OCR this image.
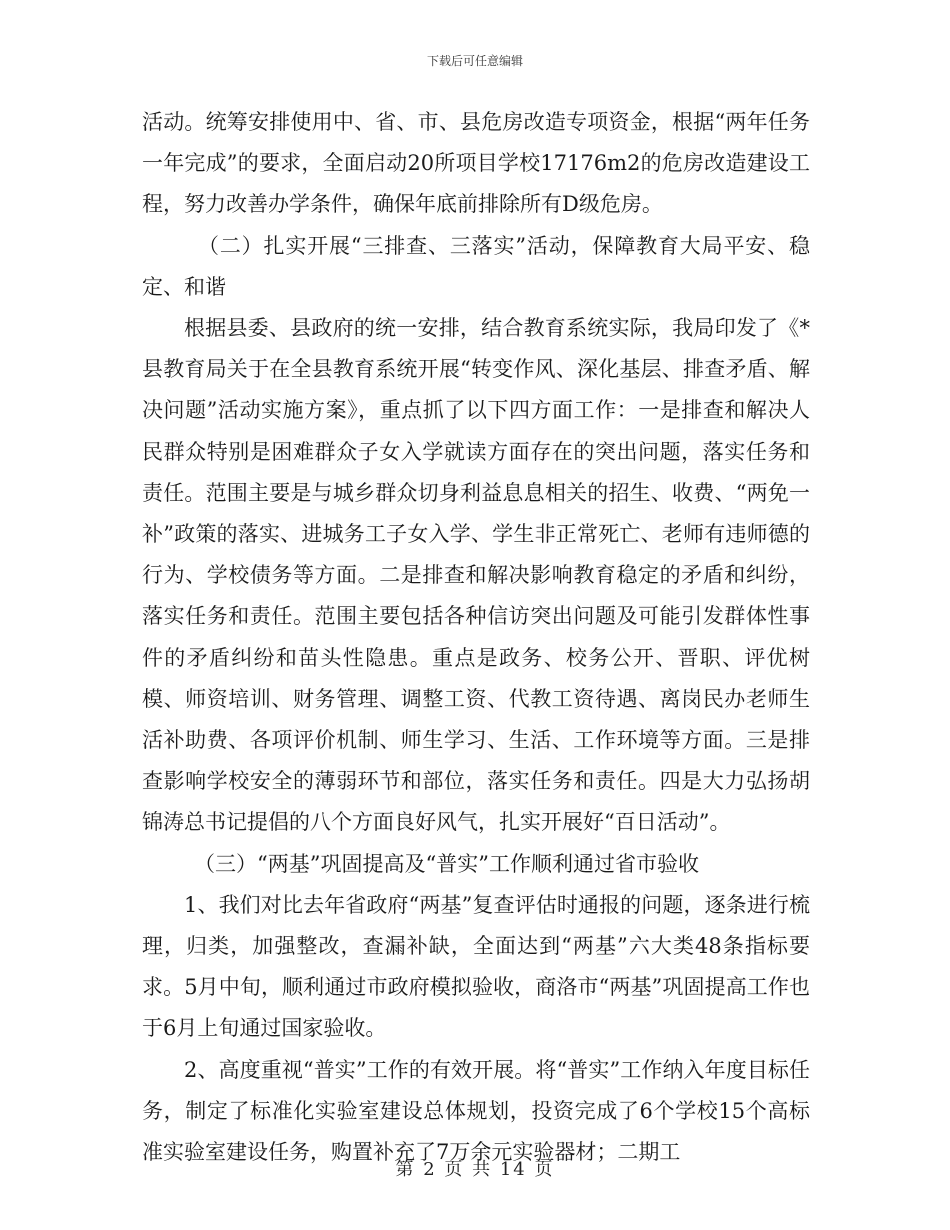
下载后可任意编辑

活动。统筹安排使用中、省、市、县危房改造专项资金，根据“两年任务一年完成”的要求，全面启动20所项目学校17176m2的危房改造建设工程，努力改善办学条件，确保年底前排除所有D级危房。

（二）扎实开展“三排查、三落实”活动，保障教育大局平安、稳定、和谐

根据县委、县政府的统一安排，结合教育系统实际，我局印发了《*县教育局关于在全县教育系统开展“转变作风、深化基层、排查矛盾、解决问题”活动实施方案》，重点抓了以下四方面工作：一是排查和解决人民群众特别是困难群众子女入学就读方面存在的突出问题，落实任务和责任。范围主要是与城乡群众切身利益息息相关的招生、收费、“两免一补”政策的落实、进城务工子女入学、学生非正常死亡、老师有违师德的行为、学校债务等方面。二是排查和解决影响教育稳定的矛盾和纠纷，落实任务和责任。范围主要包括各种信访突出问题及可能引发群体性事件的矛盾纠纷和苗头性隐患。重点是政务、校务公开、晋职、评优树模、师资培训、财务管理、调整工资、代教工资待遇、离岗民办老师生活补助费、各项评价机制、师生学习、生活、工作环境等方面。三是排查影响学校安全的薄弱环节和部位，落实任务和责任。四是大力弘扬胡锦涛总书记提倡的八个方面良好风气，扎实开展好“百日活动”。

（三）“两基”巩固提高及“普实”工作顺利通过省市验收

1、我们对比去年省政府“两基”复查评估时通报的问题，逐条进行梳理，归类，加强整改，查漏补缺，全面达到“两基”六大类48条指标要求。5月中旬，顺利通过市政府模拟验收，商洛市“两基”巩固提高工作也于6月上旬通过国家验收。

2、高度重视“普实”工作的有效开展。将“普实”工作纳入年度目标任务，制定了标准化实验室建设总体规划，投资完成了6个学校15个高标准实验室建设任务，购置补充了7万余元实验器材；二期工

第 2 页 共 14 页
